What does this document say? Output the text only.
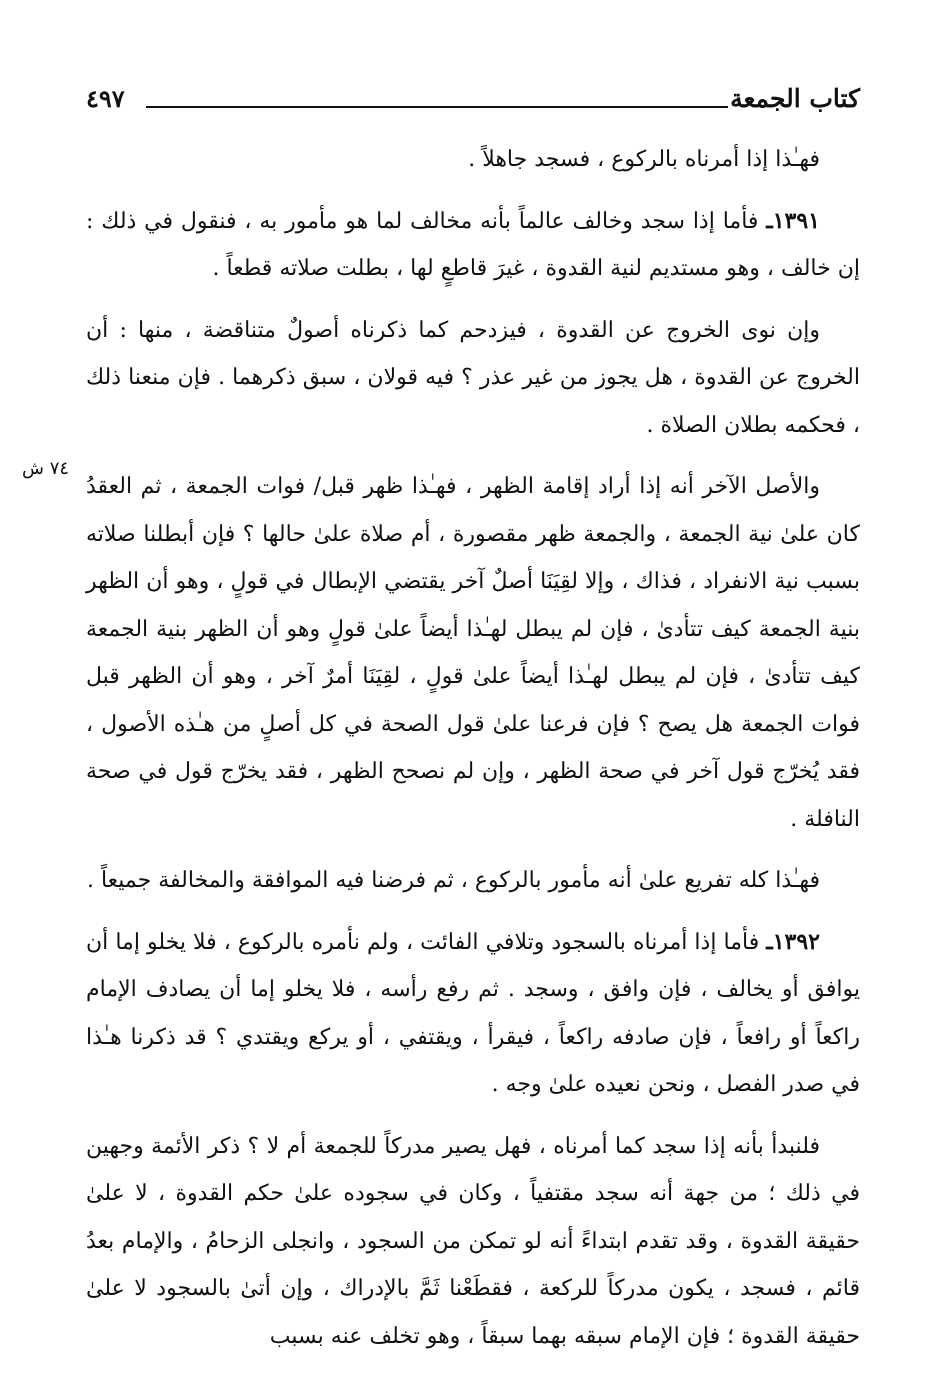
كتاب الجمعة
٤٩٧
٧٤ ش

فهـٰذا إذا أمرناه بالركوع ، فسجد جاهلاً .

١٣٩١ـ فأما إذا سجد وخالف عالماً بأنه مخالف لما هو مأمور به ، فنقول في ذلك : إن خالف ، وهو مستديم لنية القدوة ، غيرَ قاطعٍ لها ، بطلت صلاته قطعاً .

وإن نوى الخروج عن القدوة ، فيزدحم كما ذكرناه أصولٌ متناقضة ، منها : أن الخروج عن القدوة ، هل يجوز من غير عذر ؟ فيه قولان ، سبق ذكرهما . فإن منعنا ذلك ، فحكمه بطلان الصلاة .

والأصل الآخر أنه إذا أراد إقامة الظهر ، فهـٰذا ظهر قبل/ فوات الجمعة ، ثم العقدُ كان علىٰ نية الجمعة ، والجمعة ظهر مقصورة ، أم صلاة علىٰ حالها ؟ فإن أبطلنا صلاته بسبب نية الانفراد ، فذاك ، وإلا لقِيَنَا أصلٌ آخر يقتضي الإبطال في قولٍ ، وهو أن الظهر بنية الجمعة كيف تتأدىٰ ، فإن لم يبطل لهـٰذا أيضاً علىٰ قولٍ وهو أن الظهر بنية الجمعة كيف تتأدىٰ ، فإن لم يبطل لهـٰذا أيضاً علىٰ قولٍ ، لقِيَنَا أمرٌ آخر ، وهو أن الظهر قبل فوات الجمعة هل يصح ؟ فإن فرعنا علىٰ قول الصحة في كل أصلٍ من هـٰذه الأصول ، فقد يُخرّج قول آخر في صحة الظهر ، وإن لم نصحح الظهر ، فقد يخرّج قول في صحة النافلة .

فهـٰذا كله تفريع علىٰ أنه مأمور بالركوع ، ثم فرضنا فيه الموافقة والمخالفة جميعاً .

١٣٩٢ـ فأما إذا أمرناه بالسجود وتلافي الفائت ، ولم نأمره بالركوع ، فلا يخلو إما أن يوافق أو يخالف ، فإن وافق ، وسجد . ثم رفع رأسه ، فلا يخلو إما أن يصادف الإمام راكعاً أو رافعاً ، فإن صادفه راكعاً ، فيقرأ ، ويقتفي ، أو يركع ويقتدي ؟ قد ذكرنا هـٰذا في صدر الفصل ، ونحن نعيده علىٰ وجه .

فلنبدأ بأنه إذا سجد كما أمرناه ، فهل يصير مدركاً للجمعة أم لا ؟ ذكر الأئمة وجهين في ذلك ؛ من جهة أنه سجد مقتفياً ، وكان في سجوده علىٰ حكم القدوة ، لا علىٰ حقيقة القدوة ، وقد تقدم ابتداءً أنه لو تمكن من السجود ، وانجلى الزحامُ ، والإمام بعدُ قائم ، فسجد ، يكون مدركاً للركعة ، فقطَعْنا ثَمَّ بالإدراك ، وإن أتىٰ بالسجود لا علىٰ حقيقة القدوة ؛ فإن الإمام سبقه بهما سبقاً ، وهو تخلف عنه بسبب
